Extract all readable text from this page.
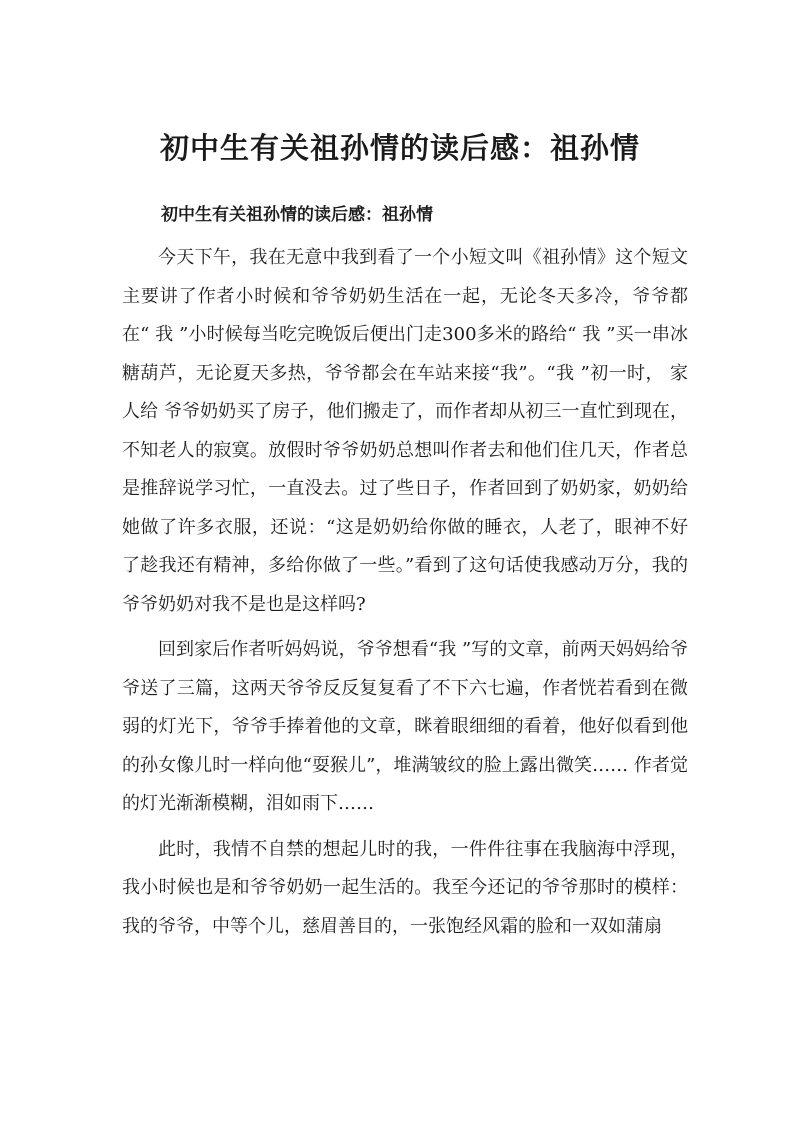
初中生有关祖孙情的读后感：祖孙情
初中生有关祖孙情的读后感：祖孙情

今天下午，我在无意中我到看了一个小短文叫《祖孙情》这个短文主要讲了作者小时候和爷爷奶奶生活在一起，无论冬天多冷，爷爷都在“ 我 ”小时候每当吃完晚饭后便出门走300多米的路给“ 我 ”买一串冰糖葫芦，无论夏天多热，爷爷都会在车站来接“我”。“我 ”初一时， 家人给 爷爷奶奶买了房子，他们搬走了，而作者却从初三一直忙到现在，不知老人的寂寞。放假时爷爷奶奶总想叫作者去和他们住几天，作者总是推辞说学习忙，一直没去。过了些日子，作者回到了奶奶家，奶奶给她做了许多衣服，还说：“这是奶奶给你做的睡衣，人老了，眼神不好了趁我还有精神，多给你做了一些。”看到了这句话使我感动万分，我的爷爷奶奶对我不是也是这样吗?

回到家后作者听妈妈说，爷爷想看“我 ”写的文章，前两天妈妈给爷爷送了三篇，这两天爷爷反反复复看了不下六七遍，作者恍若看到在微弱的灯光下，爷爷手捧着他的文章，眯着眼细细的看着，他好似看到他的孙女像儿时一样向他“耍猴儿”，堆满皱纹的脸上露出微笑…… 作者觉的灯光渐渐模糊，泪如雨下……

此时，我情不自禁的想起儿时的我，一件件往事在我脑海中浮现，我小时候也是和爷爷奶奶一起生活的。我至今还记的爷爷那时的模样：我的爷爷，中等个儿，慈眉善目的，一张饱经风霜的脸和一双如蒲扇
